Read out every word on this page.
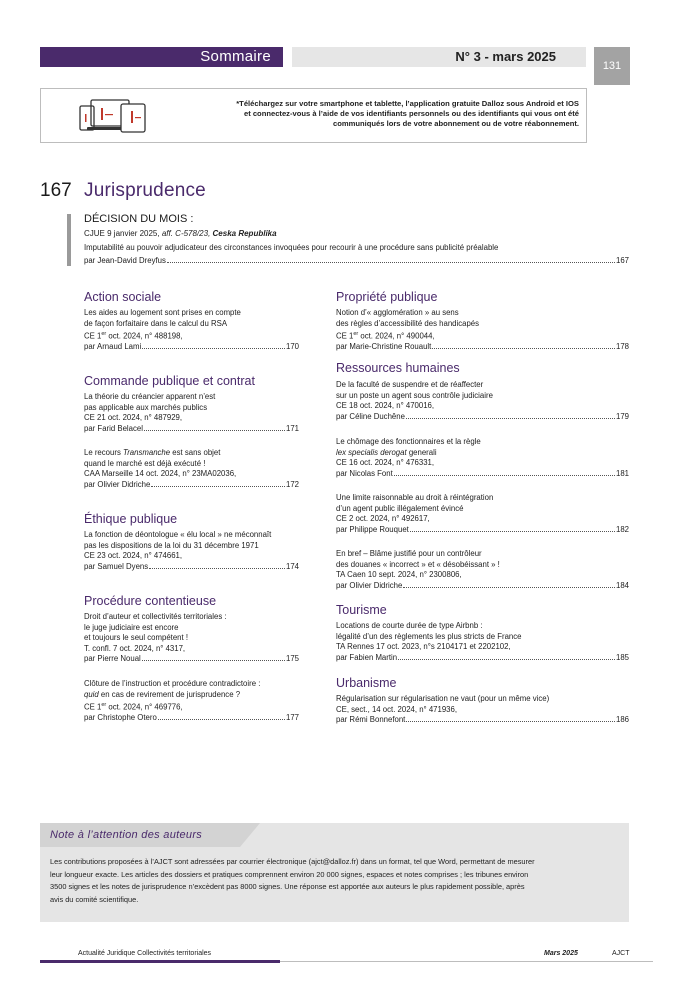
Sommaire	N° 3 - mars 2025
131
*Téléchargez sur votre smartphone et tablette, l’application gratuite Dalloz sous Android et IOS
et connectez-vous à l’aide de vos identifiants personnels ou des identifiants qui vous ont été
communiqués lors de votre abonnement ou de votre réabonnement.
167 Jurisprudence
DÉCISION DU MOIS :
CJUE 9 janvier 2025, aff. C-578/23, Ceska Republika
Imputabilité au pouvoir adjudicateur des circonstances invoquées pour recourir à une procédure sans publicité préalable
par Jean-David Dreyfus	167
Action sociale
Les aides au logement sont prises en compte
de façon forfaitaire dans le calcul du RSA
CE 1er oct. 2024, n° 488198,
par Arnaud Lami	170
Commande publique et contrat
La théorie du créancier apparent n’est
pas applicable aux marchés publics
CE 21 oct. 2024, n° 487929,
par Farid Belacel	171
Le recours Transmanche est sans objet
quand le marché est déjà exécuté !
CAA Marseille 14 oct. 2024, n° 23MA02036,
par Olivier Didriche	172
Éthique publique
La fonction de déontologue « élu local » ne méconnaît
pas les dispositions de la loi du 31 décembre 1971
CE 23 oct. 2024, n° 474661,
par Samuel Dyens	174
Procédure contentieuse
Droit d’auteur et collectivités territoriales :
le juge judiciaire est encore
et toujours le seul compétent !
T. confl. 7 oct. 2024, n° 4317,
par Pierre Noual	175
Clôture de l’instruction et procédure contradictoire :
quid en cas de revirement de jurisprudence ?
CE 1er oct. 2024, n° 469776,
par Christophe Otero	177
Propriété publique
Notion d’« agglomération » au sens
des règles d’accessibilité des handicapés
CE 1er oct. 2024, n° 490044,
par Marie-Christine Rouault	178
Ressources humaines
De la faculté de suspendre et de réaffecter
sur un poste un agent sous contrôle judiciaire
CE 18 oct. 2024, n° 470016,
par Céline Duchêne	179
Le chômage des fonctionnaires et la règle
lex specialis derogat generali
CE 16 oct. 2024, n° 476331,
par Nicolas Font	181
Une limite raisonnable au droit à réintégration
d’un agent public illégalement évincé
CE 2 oct. 2024, n° 492617,
par Philippe Rouquet	182
En bref – Blâme justifié pour un contrôleur
des douanes « incorrect » et « désobéissant » !
TA Caen 10 sept. 2024, n° 2300806,
par Olivier Didriche	184
Tourisme
Locations de courte durée de type Airbnb :
légalité d’un des règlements les plus stricts de France
TA Rennes 17 oct. 2023, n°s 2104171 et 2202102,
par Fabien Martin	185
Urbanisme
Régularisation sur régularisation ne vaut (pour un même vice)
CE, sect., 14 oct. 2024, n° 471936,
par Rémi Bonnefont	186
Note à l’attention des auteurs
Les contributions proposées à l’AJCT sont adressées par courrier électronique (ajct@dalloz.fr) dans un format, tel que Word, permettant de mesurer
leur longueur exacte. Les articles des dossiers et pratiques comprennent environ 20 000 signes, espaces et notes comprises ; les tribunes environ
3500 signes et les notes de jurisprudence n’excèdent pas 8000 signes. Une réponse est apportée aux auteurs le plus rapidement possible, après
avis du comité scientifique.
Actualité Juridique Collectivités territoriales	Mars 2025	AJCT
